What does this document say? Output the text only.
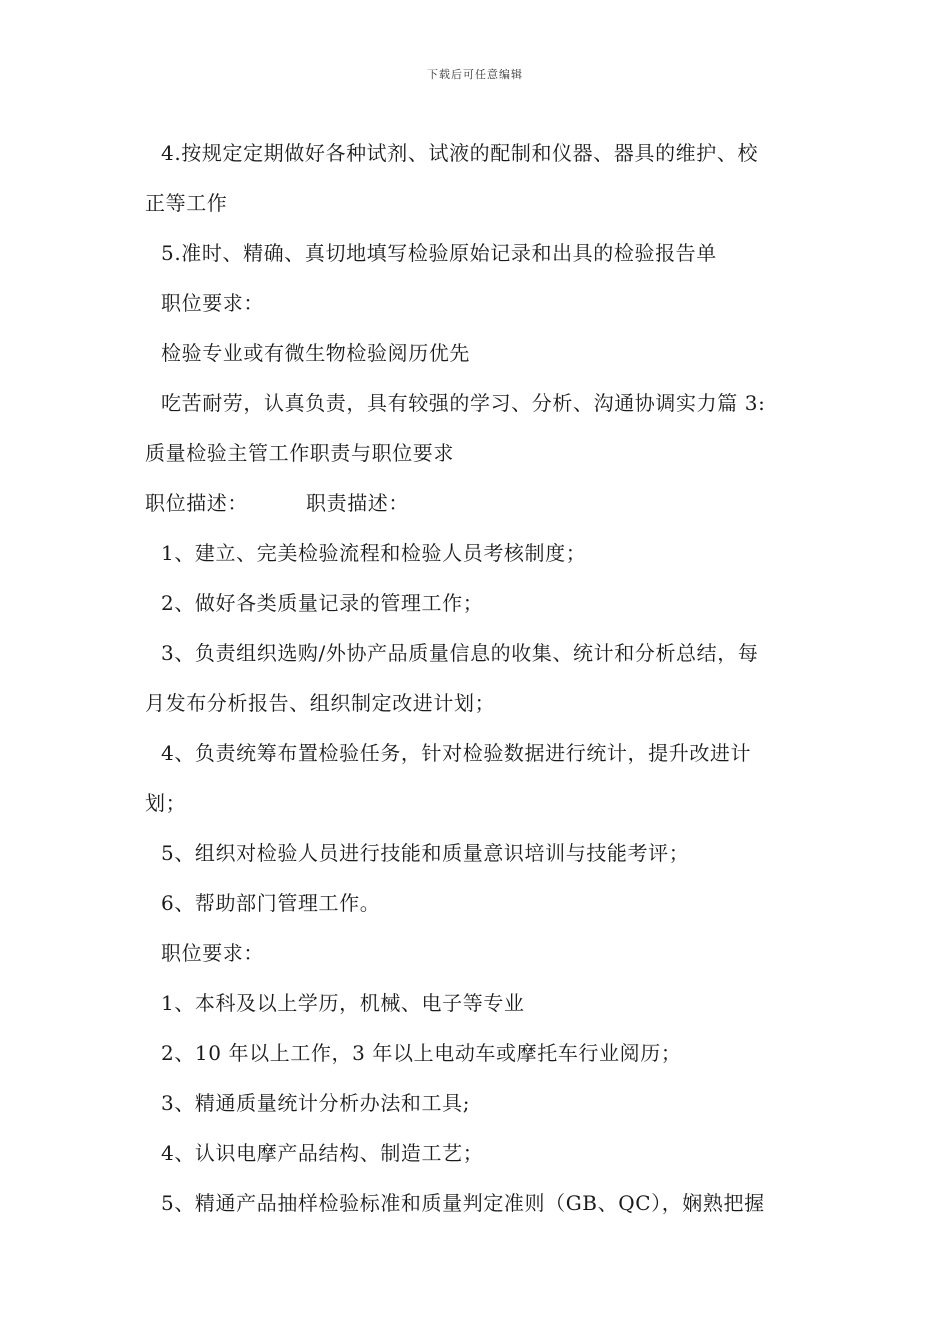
下载后可任意编辑
4.按规定定期做好各种试剂、试液的配制和仪器、器具的维护、校
正等工作
5.准时、精确、真切地填写检验原始记录和出具的检验报告单
职位要求：
检验专业或有微生物检验阅历优先
吃苦耐劳，认真负责，具有较强的学习、分析、沟通协调实力篇 3:
质量检验主管工作职责与职位要求
职位描述：	职责描述：
1、建立、完美检验流程和检验人员考核制度；
2、做好各类质量记录的管理工作；
3、负责组织选购/外协产品质量信息的收集、统计和分析总结，每
月发布分析报告、组织制定改进计划；
4、负责统筹布置检验任务，针对检验数据进行统计，提升改进计
划；
5、组织对检验人员进行技能和质量意识培训与技能考评；
6、帮助部门管理工作。
职位要求：
1、本科及以上学历，机械、电子等专业
2、10 年以上工作，3 年以上电动车或摩托车行业阅历；
3、精通质量统计分析办法和工具;
4、认识电摩产品结构、制造工艺；
5、精通产品抽样检验标准和质量判定准则（GB、QC），娴熟把握
